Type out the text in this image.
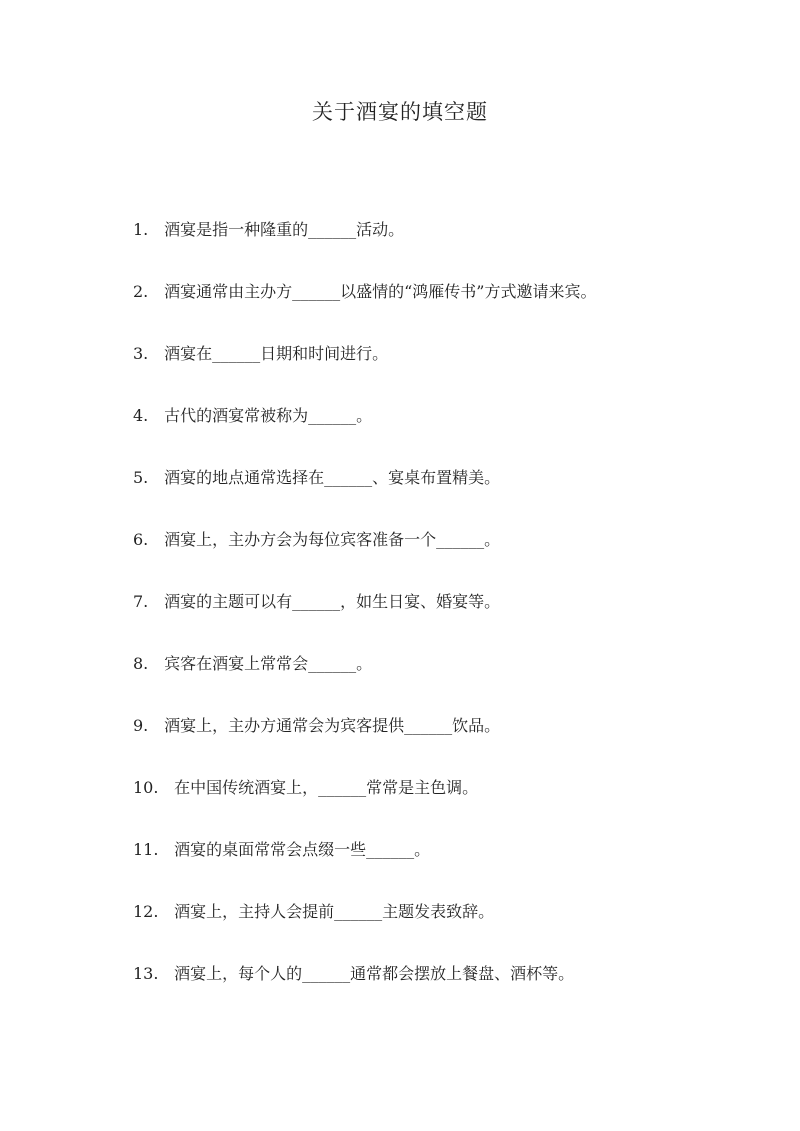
关于酒宴的填空题
1. 酒宴是指一种隆重的______活动。
2. 酒宴通常由主办方______以盛情的“鸿雁传书”方式邀请来宾。
3. 酒宴在______日期和时间进行。
4. 古代的酒宴常被称为______。
5. 酒宴的地点通常选择在______、宴桌布置精美。
6. 酒宴上，主办方会为每位宾客准备一个______。
7. 酒宴的主题可以有______，如生日宴、婚宴等。
8. 宾客在酒宴上常常会______。
9. 酒宴上，主办方通常会为宾客提供______饮品。
10. 在中国传统酒宴上，______常常是主色调。
11. 酒宴的桌面常常会点缀一些______。
12. 酒宴上，主持人会提前______主题发表致辞。
13. 酒宴上，每个人的______通常都会摆放上餐盘、酒杯等。
